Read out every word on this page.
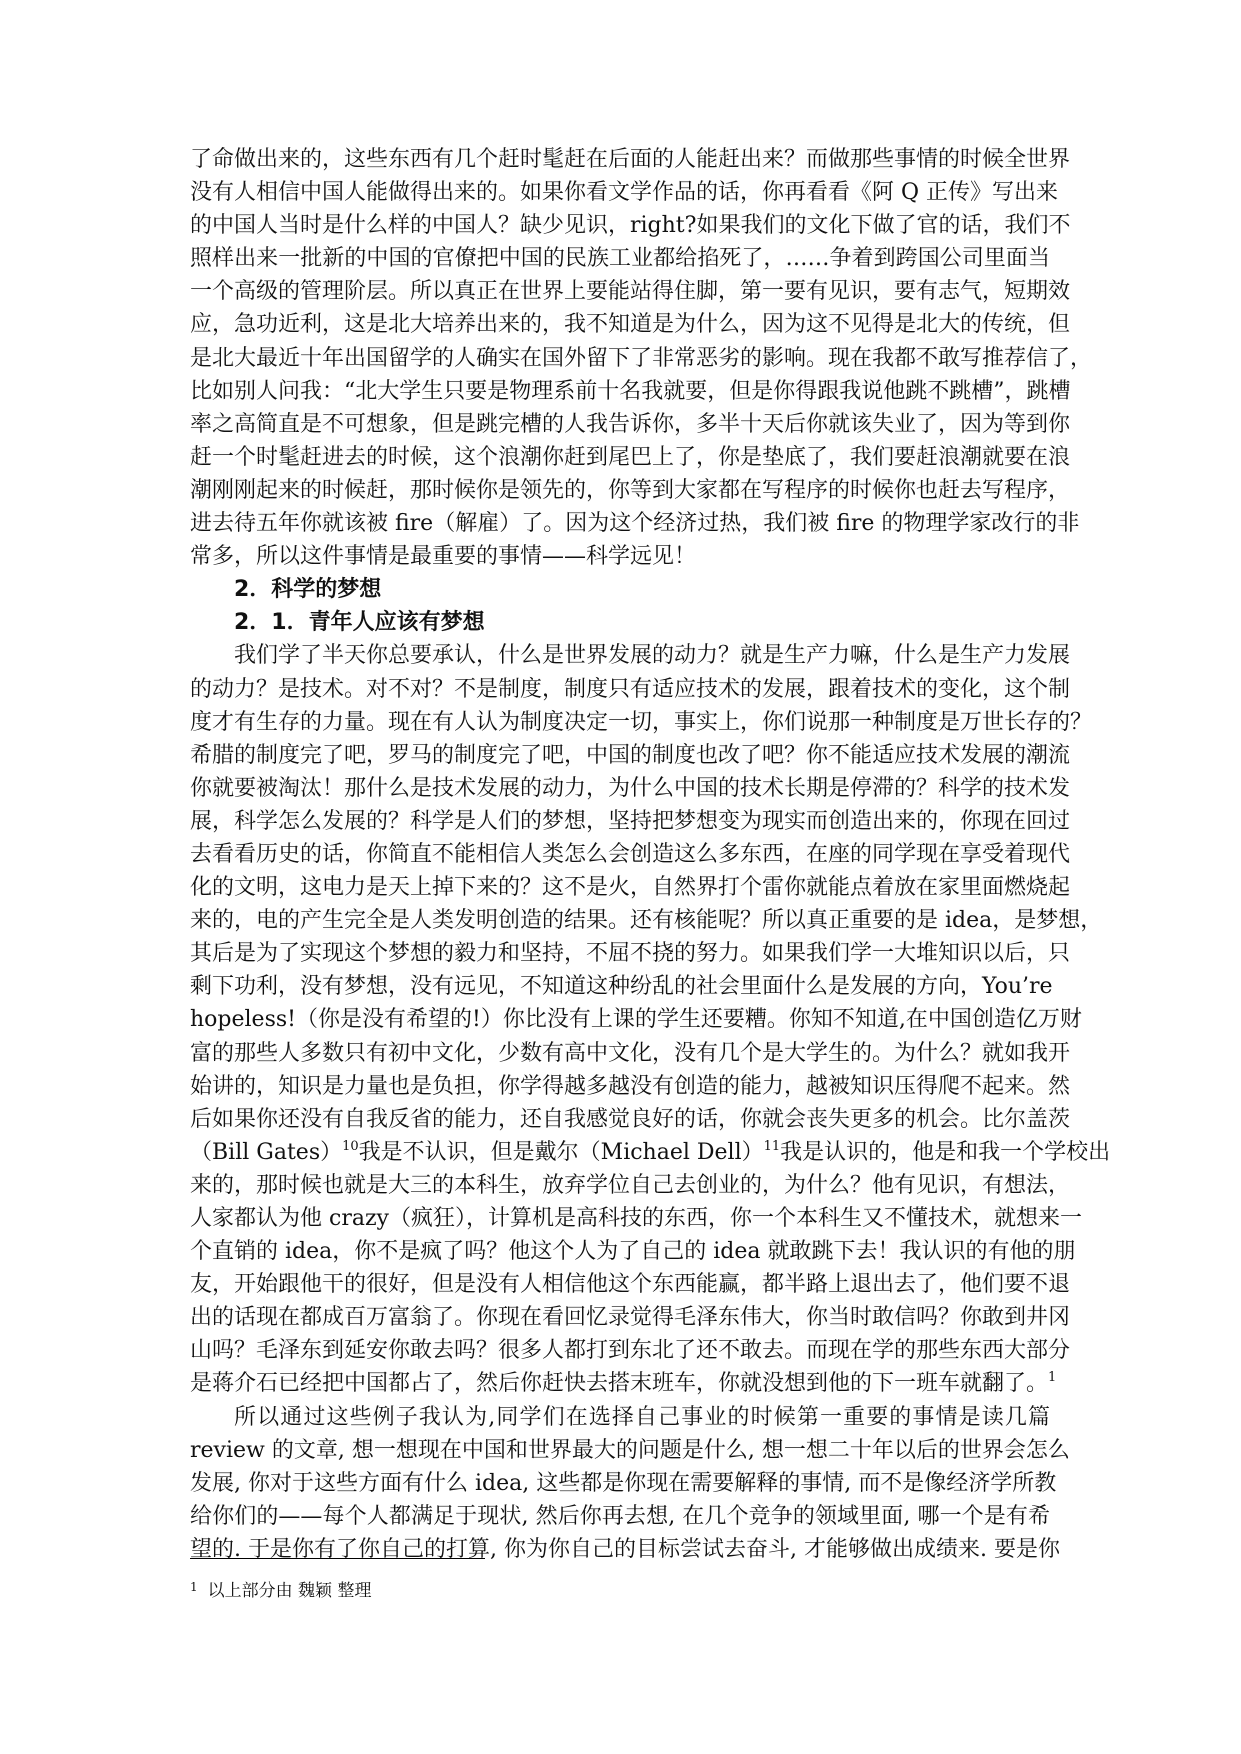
了命做出来的，这些东西有几个赶时髦赶在后面的人能赶出来？而做那些事情的时候全世界
没有人相信中国人能做得出来的。如果你看文学作品的话，你再看看《阿 Q 正传》写出来
的中国人当时是什么样的中国人？缺少见识，right?如果我们的文化下做了官的话，我们不
照样出来一批新的中国的官僚把中国的民族工业都给掐死了，……争着到跨国公司里面当
一个高级的管理阶层。所以真正在世界上要能站得住脚，第一要有见识，要有志气，短期效
应，急功近利，这是北大培养出来的，我不知道是为什么，因为这不见得是北大的传统，但
是北大最近十年出国留学的人确实在国外留下了非常恶劣的影响。现在我都不敢写推荐信了，
比如别人问我：“北大学生只要是物理系前十名我就要，但是你得跟我说他跳不跳槽”，跳槽
率之高简直是不可想象，但是跳完槽的人我告诉你，多半十天后你就该失业了，因为等到你
赶一个时髦赶进去的时候，这个浪潮你赶到尾巴上了，你是垫底了，我们要赶浪潮就要在浪
潮刚刚起来的时候赶，那时候你是领先的，你等到大家都在写程序的时候你也赶去写程序，
进去待五年你就该被 fire（解雇）了。因为这个经济过热，我们被 fire 的物理学家改行的非
常多，所以这件事情是最重要的事情——科学远见！

2．科学的梦想
2．1．青年人应该有梦想

我们学了半天你总要承认，什么是世界发展的动力？就是生产力嘛，什么是生产力发展
的动力？是技术。对不对？不是制度，制度只有适应技术的发展，跟着技术的变化，这个制
度才有生存的力量。现在有人认为制度决定一切，事实上，你们说那一种制度是万世长存的？
希腊的制度完了吧，罗马的制度完了吧，中国的制度也改了吧？你不能适应技术发展的潮流
你就要被淘汰！那什么是技术发展的动力，为什么中国的技术长期是停滞的？科学的技术发
展，科学怎么发展的？科学是人们的梦想，坚持把梦想变为现实而创造出来的，你现在回过
去看看历史的话，你简直不能相信人类怎么会创造这么多东西，在座的同学现在享受着现代
化的文明，这电力是天上掉下来的？这不是火，自然界打个雷你就能点着放在家里面燃烧起
来的，电的产生完全是人类发明创造的结果。还有核能呢？所以真正重要的是 idea，是梦想，
其后是为了实现这个梦想的毅力和坚持，不屈不挠的努力。如果我们学一大堆知识以后，只
剩下功利，没有梦想，没有远见，不知道这种纷乱的社会里面什么是发展的方向，You’re
hopeless!（你是没有希望的!）你比没有上课的学生还要糟。你知不知道,在中国创造亿万财
富的那些人多数只有初中文化，少数有高中文化，没有几个是大学生的。为什么？就如我开
始讲的，知识是力量也是负担，你学得越多越没有创造的能力，越被知识压得爬不起来。然
后如果你还没有自我反省的能力，还自我感觉良好的话，你就会丧失更多的机会。比尔盖茨
（Bill Gates）$^{10}$我是不认识，但是戴尔（Michael Dell）$^{11}$我是认识的，他是和我一个学校出
来的，那时候也就是大三的本科生，放弃学位自己去创业的，为什么？他有见识，有想法，
人家都认为他 crazy（疯狂），计算机是高科技的东西，你一个本科生又不懂技术，就想来一
个直销的 idea，你不是疯了吗？他这个人为了自己的 idea 就敢跳下去！我认识的有他的朋
友，开始跟他干的很好，但是没有人相信他这个东西能赢，都半路上退出去了，他们要不退
出的话现在都成百万富翁了。你现在看回忆录觉得毛泽东伟大，你当时敢信吗？你敢到井冈
山吗？毛泽东到延安你敢去吗？很多人都打到东北了还不敢去。而现在学的那些东西大部分
是蒋介石已经把中国都占了，然后你赶快去搭末班车，你就没想到他的下一班车就翻了。$^1$

所以通过这些例子我认为,同学们在选择自己事业的时候第一重要的事情是读几篇
review 的文章, 想一想现在中国和世界最大的问题是什么, 想一想二十年以后的世界会怎么
发展, 你对于这些方面有什么 idea, 这些都是你现在需要解释的事情, 而不是像经济学所教
给你们的——每个人都满足于现状, 然后你再去想, 在几个竞争的领域里面, 哪一个是有希
望的. 于是你有了你自己的打算, 你为你自己的目标尝试去奋斗, 才能够做出成绩来. 要是你

$^1$ 以上部分由 魏颖 整理
